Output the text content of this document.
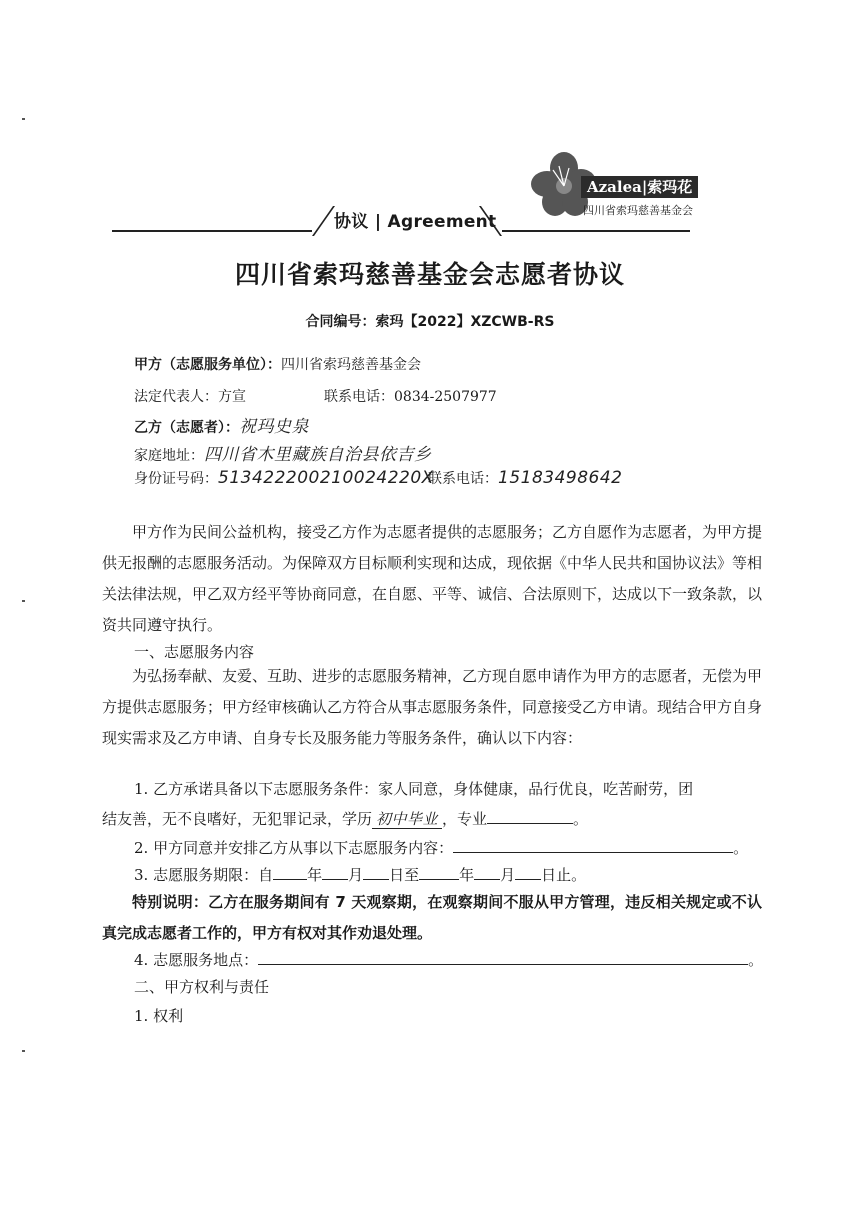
协议 | Agreement
Azalea|索玛花
四川省索玛慈善基金会
四川省索玛慈善基金会志愿者协议
合同编号：索玛【2022】XZCWB-RS
甲方（志愿服务单位）：四川省索玛慈善基金会
法定代表人：方宣	联系电话：0834-2507977
乙方（志愿者）：祝玛史泉
家庭地址：四川省木里藏族自治县依吉乡
身份证号码：513422200210024220X
联系电话：15183498642
甲方作为民间公益机构，接受乙方作为志愿者提供的志愿服务；乙方自愿作为志愿者，为甲方提供无报酬的志愿服务活动。为保障双方目标顺利实现和达成，现依据《中华人民共和国协议法》等相关法律法规，甲乙双方经平等协商同意，在自愿、平等、诚信、合法原则下，达成以下一致条款，以资共同遵守执行。
一、志愿服务内容
为弘扬奉献、友爱、互助、进步的志愿服务精神，乙方现自愿申请作为甲方的志愿者，无偿为甲方提供志愿服务；甲方经审核确认乙方符合从事志愿服务条件，同意接受乙方申请。现结合甲方自身现实需求及乙方申请、自身专长及服务能力等服务条件，确认以下内容：
1. 乙方承诺具备以下志愿服务条件：家人同意，身体健康，品行优良，吃苦耐劳，团
结友善，无不良嗜好，无犯罪记录，学历 初中毕业 ，专业	。
2. 甲方同意并安排乙方从事以下志愿服务内容：	。
3. 志愿服务期限：自 年 月 日至	年 月 日止。
特别说明：乙方在服务期间有 7 天观察期，在观察期间不服从甲方管理，违反相关规定或不认真完成志愿者工作的，甲方有权对其作劝退处理。
4. 志愿服务地点：	。
二、甲方权利与责任
1. 权利
